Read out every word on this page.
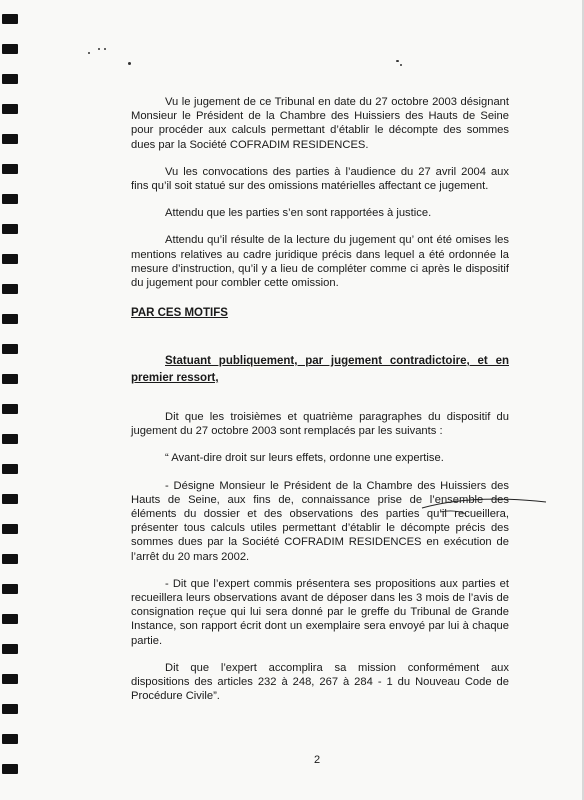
Vu le jugement de ce Tribunal en date du 27 octobre 2003 désignant Monsieur le Président de la Chambre des Huissiers des Hauts de Seine pour procéder aux calculs permettant d’établir le décompte des sommes dues par la Société COFRADIM RESIDENCES.

Vu les convocations des parties à l’audience du 27 avril 2004 aux fins qu’il soit statué sur des omissions matérielles affectant ce jugement.

Attendu que les parties s’en sont rapportées à justice.

Attendu qu’il résulte de la lecture du jugement qu’ ont été omises les mentions relatives au cadre juridique précis dans lequel a été ordonnée la mesure d’instruction, qu’il y a lieu de compléter comme ci après le dispositif du jugement pour combler cette omission.

PAR CES MOTIFS
Statuant publiquement, par jugement contradictoire, et en premier ressort,

Dit que les troisièmes et quatrième paragraphes du dispositif du jugement du 27 octobre 2003 sont remplacés par les suivants :

“ Avant-dire droit sur leurs effets, ordonne une expertise.

- Désigne Monsieur le Président de la Chambre des Huissiers des Hauts de Seine, aux fins de, connaissance prise de l’ensemble des éléments du dossier et des observations des parties qu’il recueillera, présenter tous calculs utiles permettant d’établir le décompte précis des sommes dues par la Société COFRADIM RESIDENCES en exécution de l’arrêt du 20 mars 2002.

- Dit que l’expert commis présentera ses propositions aux parties et recueillera leurs observations avant de déposer dans les 3 mois de l’avis de consignation reçue qui lui sera donné par le greffe du Tribunal de Grande Instance, son rapport écrit dont un exemplaire sera envoyé par lui à chaque partie.

Dit que l’expert accomplira sa mission conformément aux dispositions des articles 232 à 248, 267 à 284 - 1 du Nouveau Code de Procédure Civile”.

2
